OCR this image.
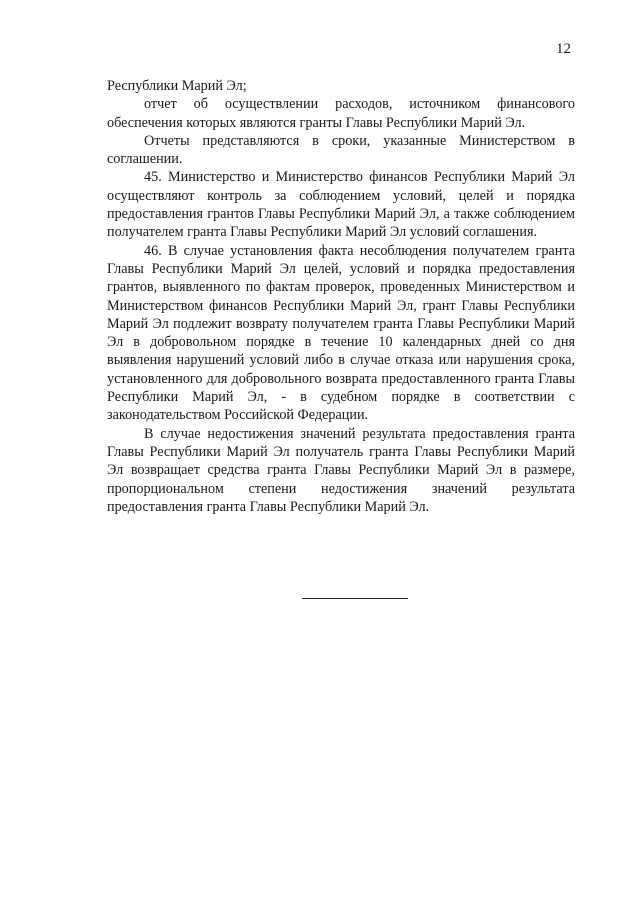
12

Республики Марий Эл;

отчет об осуществлении расходов, источником финансового обеспечения которых являются гранты Главы Республики Марий Эл.

Отчеты представляются в сроки, указанные Министерством в соглашении.

45. Министерство и Министерство финансов Республики Марий Эл осуществляют контроль за соблюдением условий, целей и порядка предоставления грантов Главы Республики Марий Эл, а также соблюдением получателем гранта Главы Республики Марий Эл условий соглашения.

46. В случае установления факта несоблюдения получателем гранта Главы Республики Марий Эл целей, условий и порядка предоставления грантов, выявленного по фактам проверок, проведенных Министерством и Министерством финансов Республики Марий Эл, грант Главы Республики Марий Эл подлежит возврату получателем гранта Главы Республики Марий Эл в добровольном порядке в течение 10 календарных дней со дня выявления нарушений условий либо в случае отказа или нарушения срока, установленного для добровольного возврата предоставленного гранта Главы Республики Марий Эл, - в судебном порядке в соответствии с законодательством Российской Федерации.

В случае недостижения значений результата предоставления гранта Главы Республики Марий Эл получатель гранта Главы Республики Марий Эл возвращает средства гранта Главы Республики Марий Эл в размере, пропорциональном степени недостижения значений результата предоставления гранта Главы Республики Марий Эл.
